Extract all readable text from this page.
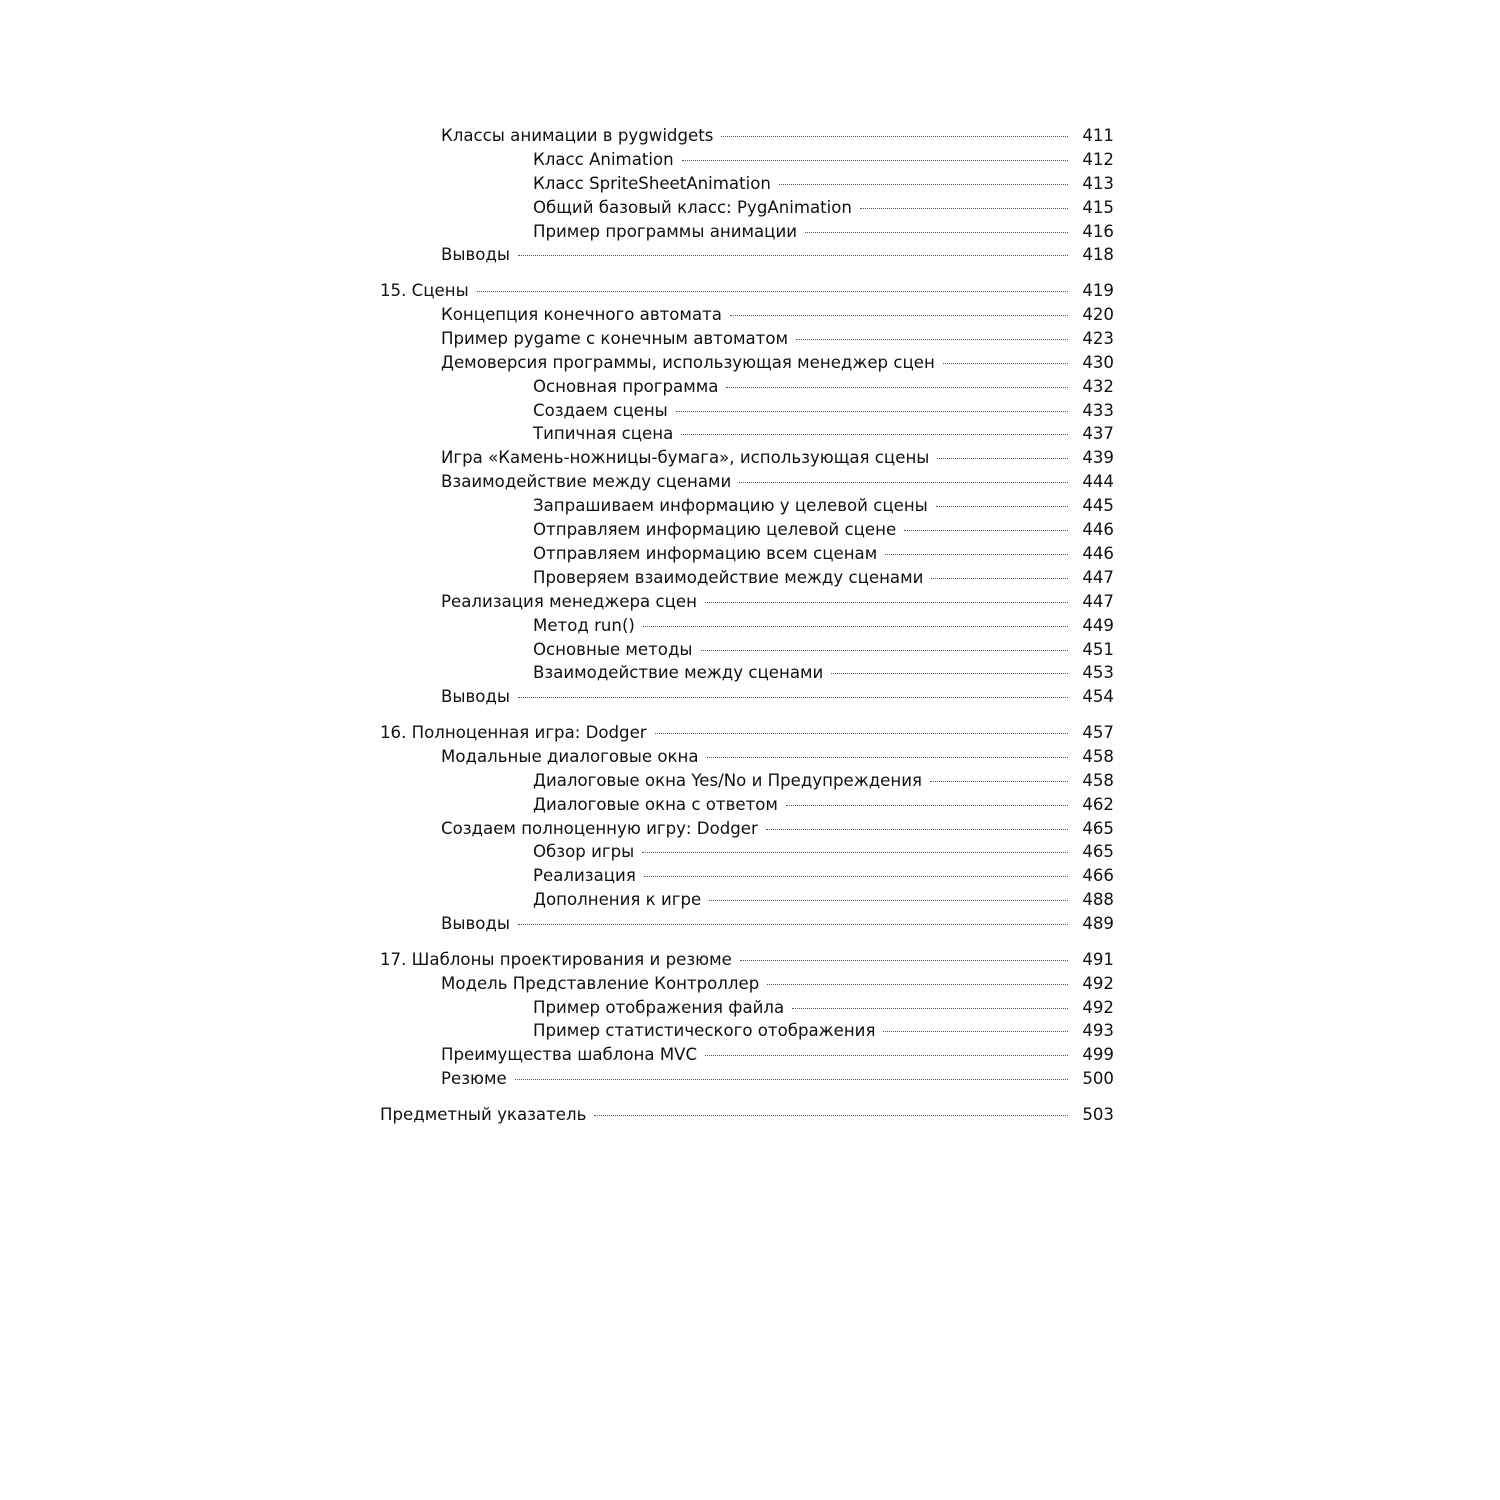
Классы анимации в pygwidgets	411
Класс Animation	412
Класс SpriteSheetAnimation	413
Общий базовый класс: PygAnimation	415
Пример программы анимации	416
Выводы	418
15. Сцены	419
Концепция конечного автомата	420
Пример pygame с конечным автоматом	423
Демоверсия программы, использующая менеджер сцен	430
Основная программа	432
Создаем сцены	433
Типичная сцена	437
Игра «Камень-ножницы-бумага», использующая сцены	439
Взаимодействие между сценами	444
Запрашиваем информацию у целевой сцены	445
Отправляем информацию целевой сцене	446
Отправляем информацию всем сценам	446
Проверяем взаимодействие между сценами	447
Реализация менеджера сцен	447
Метод run()	449
Основные методы	451
Взаимодействие между сценами	453
Выводы	454
16. Полноценная игра: Dodger	457
Модальные диалоговые окна	458
Диалоговые окна Yes/No и Предупреждения	458
Диалоговые окна с ответом	462
Создаем полноценную игру: Dodger	465
Обзор игры	465
Реализация	466
Дополнения к игре	488
Выводы	489
17. Шаблоны проектирования и резюме	491
Модель Представление Контроллер	492
Пример отображения файла	492
Пример статистического отображения	493
Преимущества шаблона MVC	499
Резюме	500
Предметный указатель	503
